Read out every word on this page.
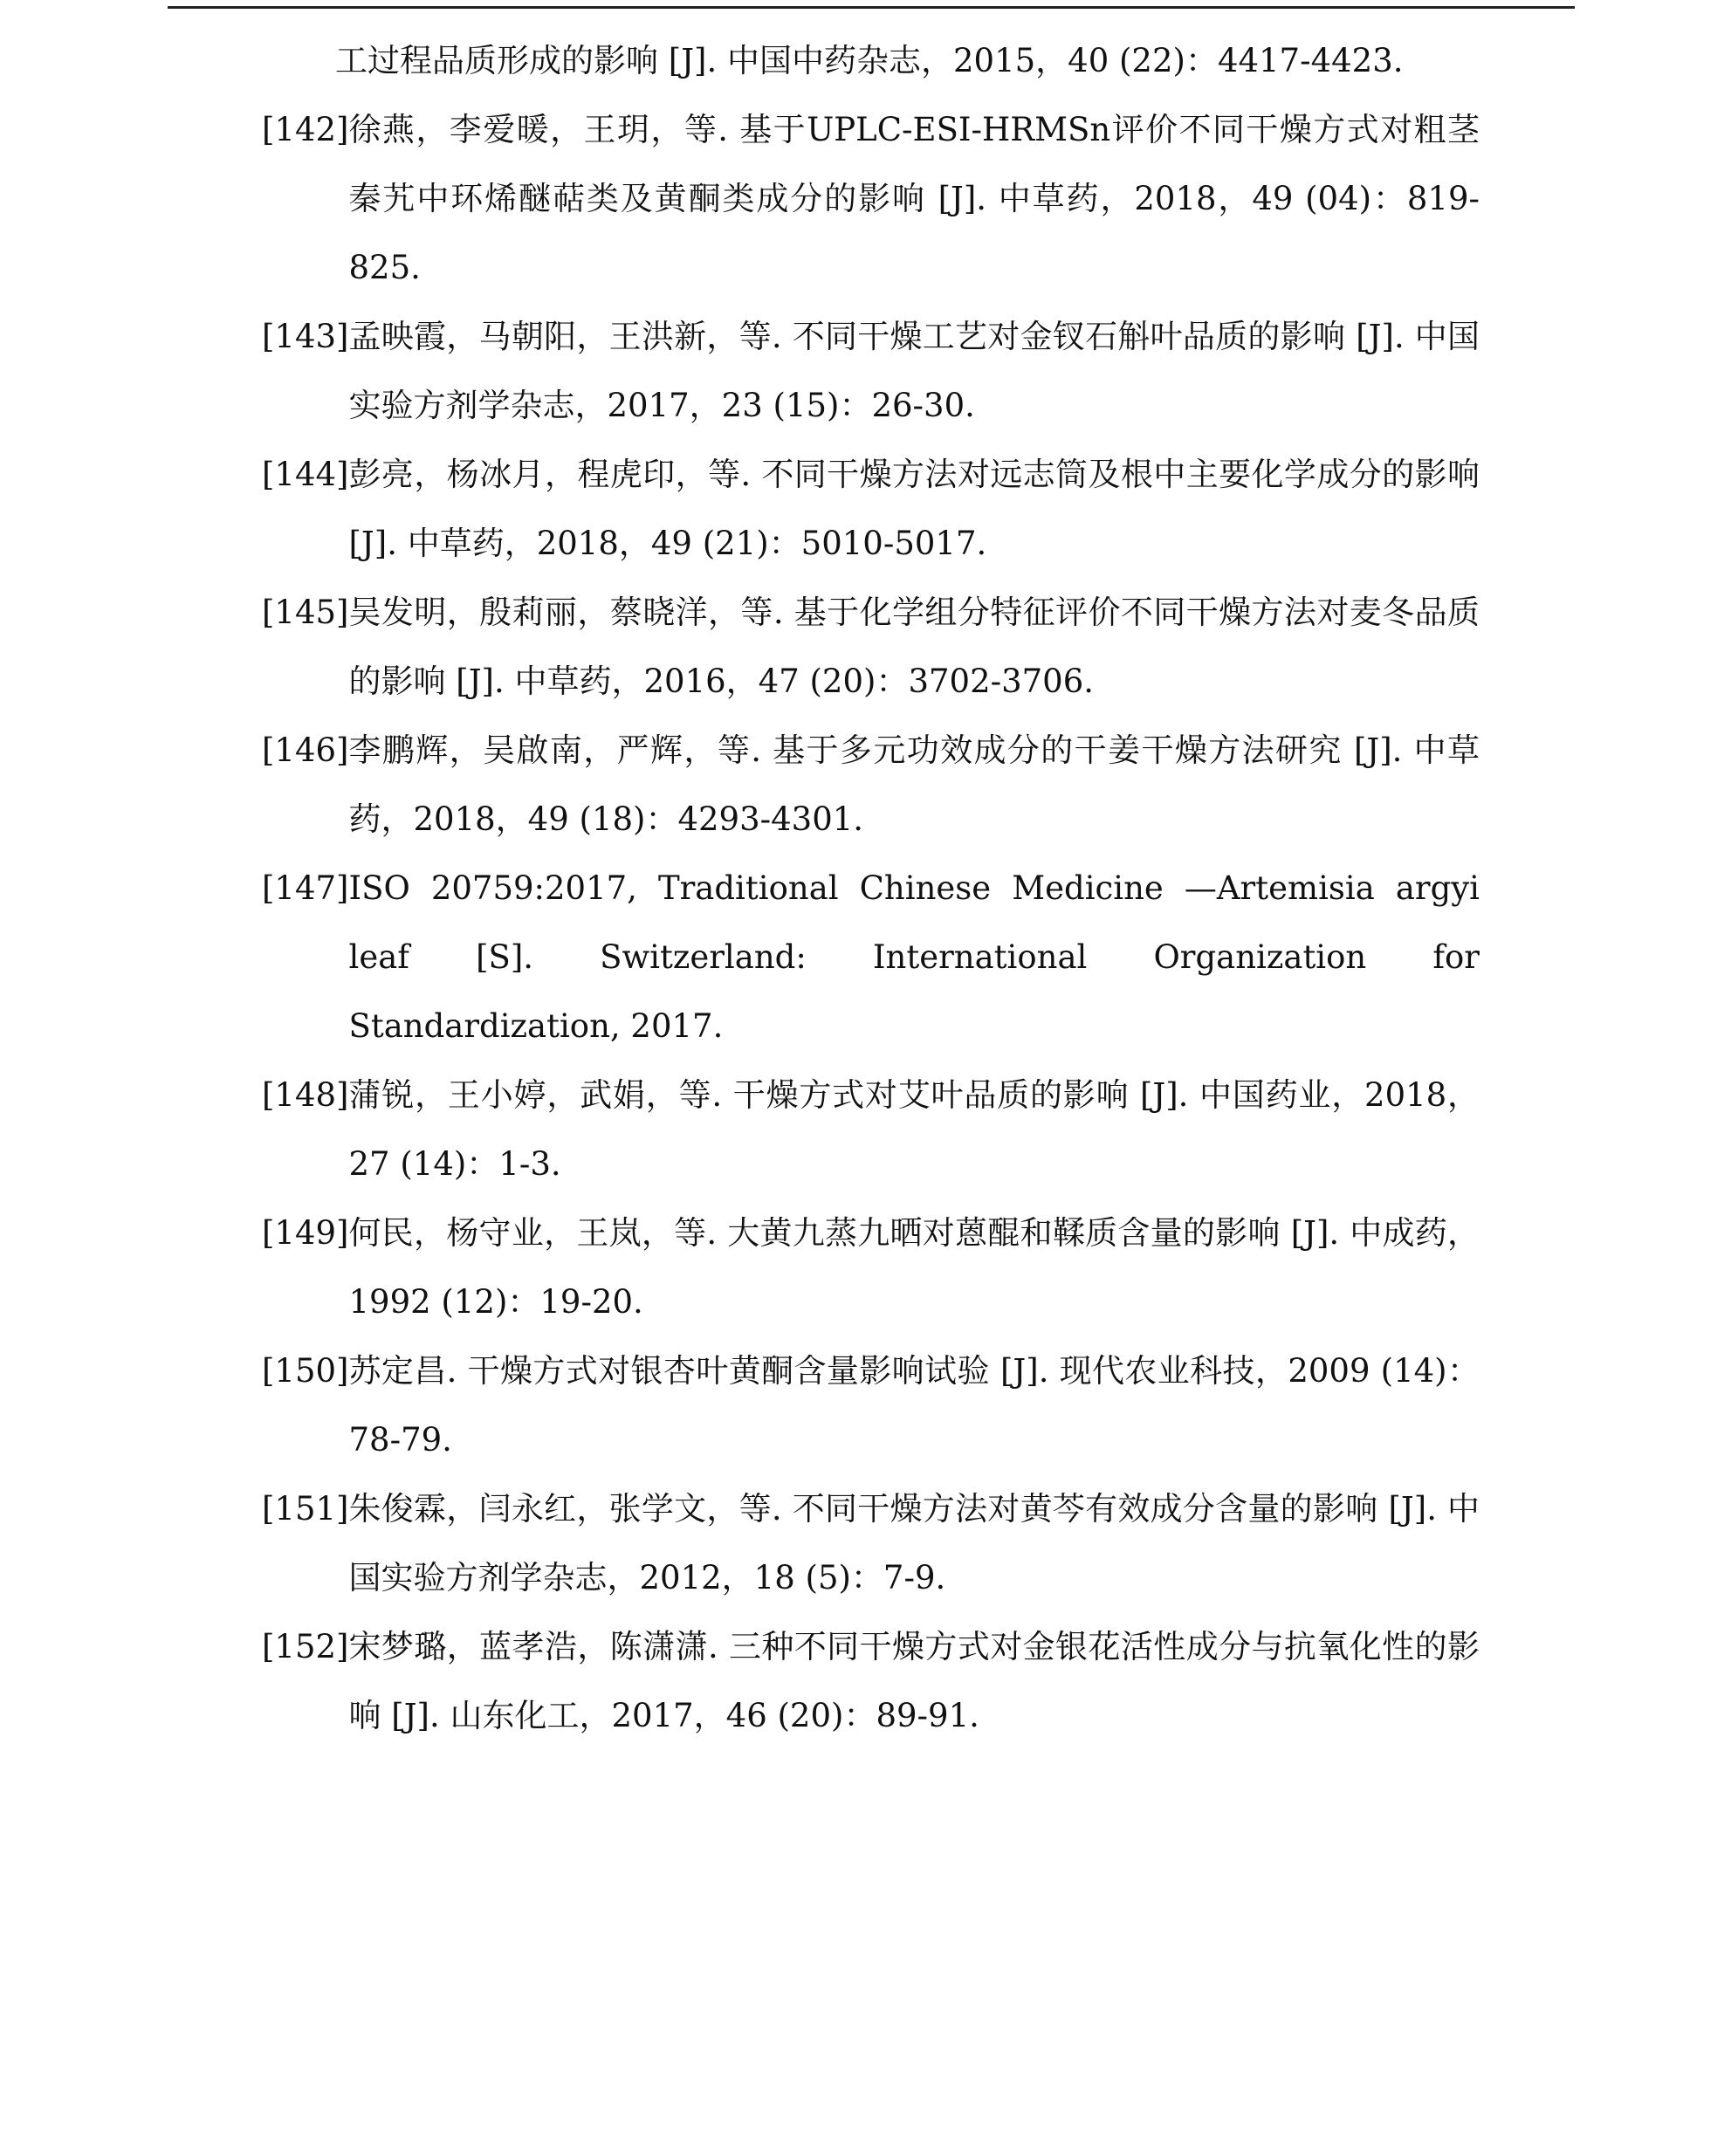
工过程品质形成的影响 [J]. 中国中药杂志，2015，40 (22)：4417-4423.
[142] 徐燕，李爱暖，王玥，等. 基于UPLC-ESI-HRMSn评价不同干燥方式对粗茎秦艽中环烯醚萜类及黄酮类成分的影响 [J]. 中草药，2018，49 (04)：819-825.
[143] 孟映霞，马朝阳，王洪新，等. 不同干燥工艺对金钗石斛叶品质的影响 [J]. 中国实验方剂学杂志，2017，23 (15)：26-30.
[144] 彭亮，杨冰月，程虎印，等. 不同干燥方法对远志筒及根中主要化学成分的影响 [J]. 中草药，2018，49 (21)：5010-5017.
[145] 吴发明，殷莉丽，蔡晓洋，等. 基于化学组分特征评价不同干燥方法对麦冬品质的影响 [J]. 中草药，2016，47 (20)：3702-3706.
[146] 李鹏辉，吴啟南，严辉，等. 基于多元功效成分的干姜干燥方法研究 [J]. 中草药，2018，49 (18)：4293-4301.
[147] ISO 20759:2017, Traditional Chinese Medicine —Artemisia argyi leaf [S]. Switzerland: International Organization for Standardization, 2017.
[148] 蒲锐，王小婷，武娟，等. 干燥方式对艾叶品质的影响 [J]. 中国药业，2018，27 (14)：1-3.
[149] 何民，杨守业，王岚，等. 大黄九蒸九晒对蒽醌和鞣质含量的影响 [J]. 中成药，1992 (12)：19-20.
[150] 苏定昌. 干燥方式对银杏叶黄酮含量影响试验 [J]. 现代农业科技，2009 (14)：78-79.
[151] 朱俊霖，闫永红，张学文，等. 不同干燥方法对黄芩有效成分含量的影响 [J]. 中国实验方剂学杂志，2012，18 (5)：7-9.
[152] 宋梦璐，蓝孝浩，陈潇潇. 三种不同干燥方式对金银花活性成分与抗氧化性的影响 [J]. 山东化工，2017，46 (20)：89-91.
